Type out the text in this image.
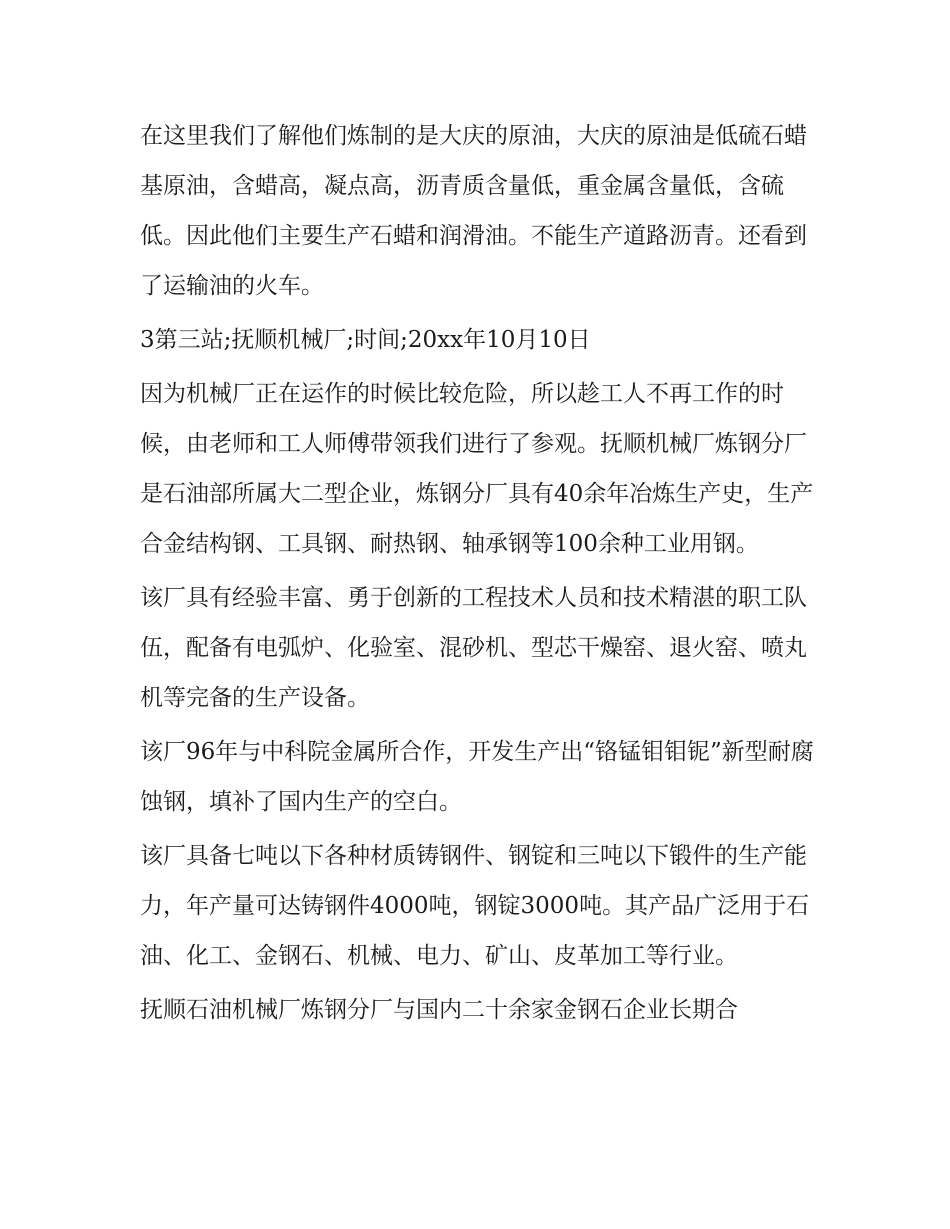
在这里我们了解他们炼制的是大庆的原油，大庆的原油是低硫石蜡基原油，含蜡高，凝点高，沥青质含量低，重金属含量低，含硫低。因此他们主要生产石蜡和润滑油。不能生产道路沥青。还看到了运输油的火车。

3第三站;抚顺机械厂;时间;20xx年10月10日

因为机械厂正在运作的时候比较危险，所以趁工人不再工作的时候，由老师和工人师傅带领我们进行了参观。抚顺机械厂炼钢分厂是石油部所属大二型企业，炼钢分厂具有40余年冶炼生产史，生产合金结构钢、工具钢、耐热钢、轴承钢等100余种工业用钢。

该厂具有经验丰富、勇于创新的工程技术人员和技术精湛的职工队伍，配备有电弧炉、化验室、混砂机、型芯干燥窑、退火窑、喷丸机等完备的生产设备。

该厂96年与中科院金属所合作，开发生产出“铬锰钼钼铌”新型耐腐蚀钢，填补了国内生产的空白。

该厂具备七吨以下各种材质铸钢件、钢锭和三吨以下锻件的生产能力，年产量可达铸钢件4000吨，钢锭3000吨。其产品广泛用于石油、化工、金钢石、机械、电力、矿山、皮革加工等行业。

抚顺石油机械厂炼钢分厂与国内二十余家金钢石企业长期合
